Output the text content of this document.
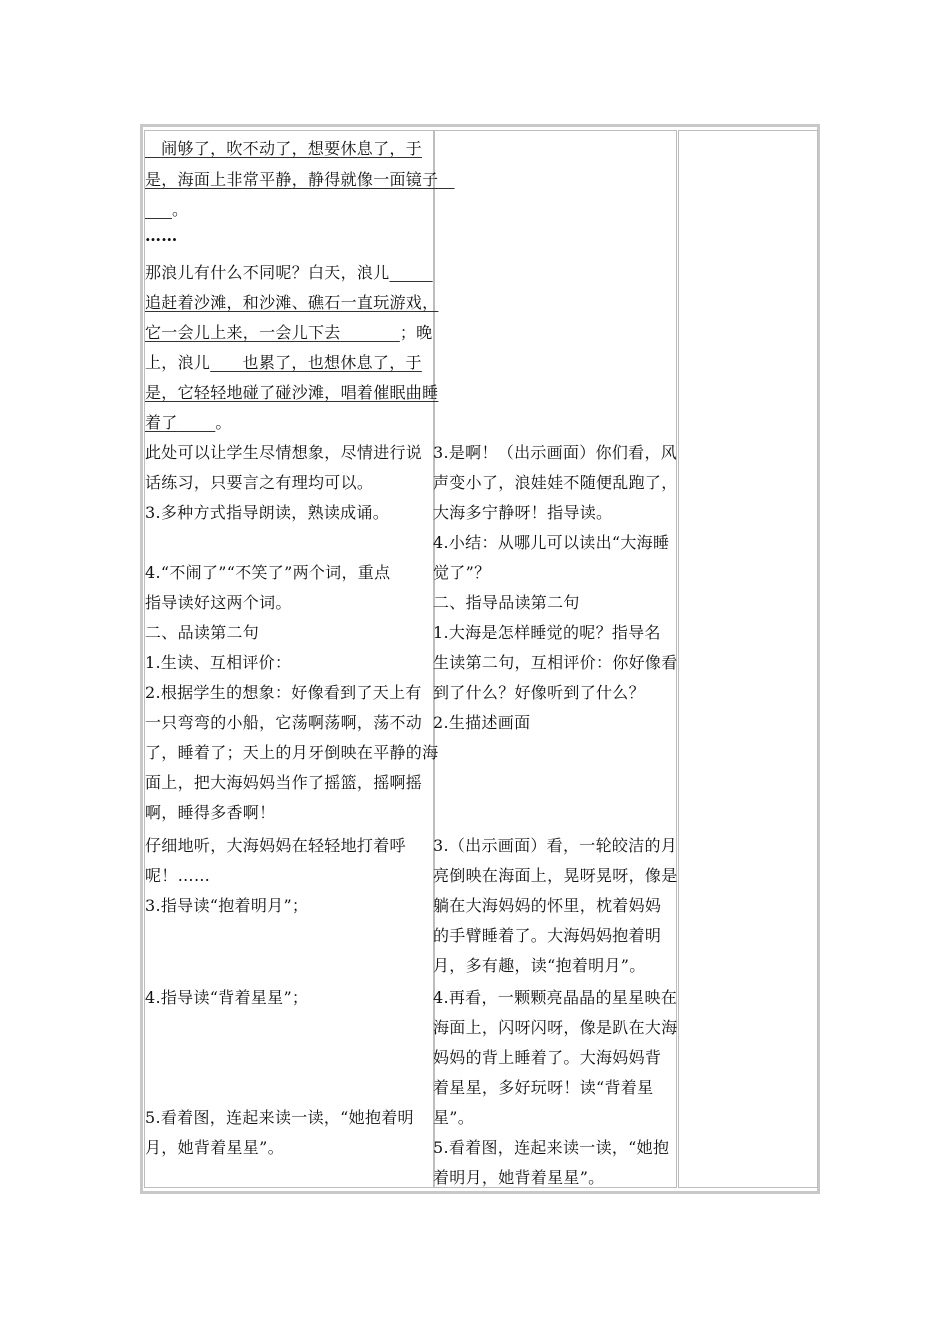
闹够了，吹不动了，想要休息了，于
是，海面上非常平静，静得就像一面镜子
。
……
那浪儿有什么不同呢？白天，浪儿
追赶着沙滩，和沙滩、礁石一直玩游戏，
它一会儿上来，一会儿下去	；晚
上，浪儿 也累了，也想休息了，于
是，它轻轻地碰了碰沙滩，唱着催眠曲睡
着了 。
此处可以让学生尽情想象，尽情进行说
话练习，只要言之有理均可以。
3.多种方式指导朗读，熟读成诵。
4.“不闹了”“不笑了”两个词，重点
指导读好这两个词。
二、品读第二句
1.生读、互相评价：
2.根据学生的想象：好像看到了天上有
一只弯弯的小船，它荡啊荡啊，荡不动
了，睡着了；天上的月牙倒映在平静的海
面上，把大海妈妈当作了摇篮，摇啊摇
啊，睡得多香啊！
仔细地听，大海妈妈在轻轻地打着呼
呢！……
3.指导读“抱着明月”；
4.指导读“背着星星”；
5.看着图，连起来读一读，“她抱着明
月，她背着星星”。
3.是啊！（出示画面）你们看，风
声变小了，浪娃娃不随便乱跑了，
大海多宁静呀！指导读。
4.小结：从哪儿可以读出“大海睡
觉了”？
二、指导品读第二句
1.大海是怎样睡觉的呢？指导名
生读第二句，互相评价：你好像看
到了什么？好像听到了什么？
2.生描述画面
3.（出示画面）看，一轮皎洁的月
亮倒映在海面上，晃呀晃呀，像是
躺在大海妈妈的怀里，枕着妈妈
的手臂睡着了。大海妈妈抱着明
月，多有趣，读“抱着明月”。
4.再看，一颗颗亮晶晶的星星映在
海面上，闪呀闪呀，像是趴在大海
妈妈的背上睡着了。大海妈妈背
着星星，多好玩呀！读“背着星
星”。
5.看着图，连起来读一读，“她抱
着明月，她背着星星”。
